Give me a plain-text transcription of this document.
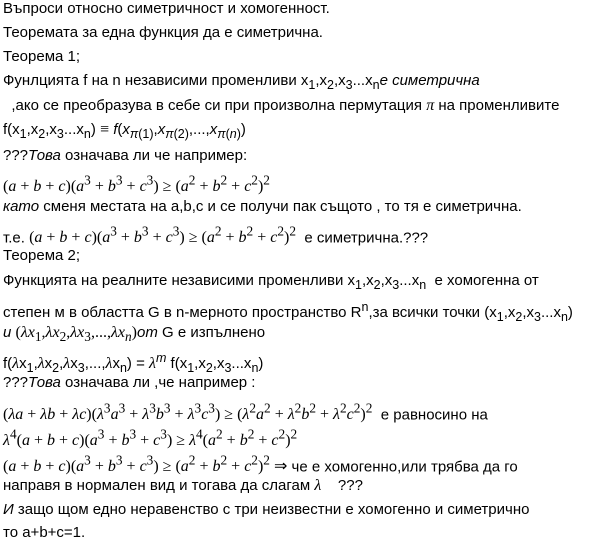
Въпроси относно симетричност и хомогенност.
Теоремата за една функция да е симетрична.
Теорема 1;
Фунлцията f на n независими променливи $x_1,x_2,x_3...x_nе$ симетрична
,ако се преобразува в себе си при произволна пермутация π на променливите
$f(x_1,x_2,x_3...x_n) \equiv f(x_{\pi(1)},x_{\pi(2)},...,x_{\pi(n)})$
???Това означава ли че например:
$(a + b + c)(a^3 + b^3 + c^3) \ge (a^2 + b^2 + c^2)^2$
като сменя местата на a,b,c и се получи пак същото , то тя е симетрична.
т.е. $(a + b + c)(a^3 + b^3 + c^3) \ge (a^2 + b^2 + c^2)^2$  е симетрична.???
Теорема 2;
Функцията на реалните независими променливи $x_1,x_2,x_3...x_n$  е хомогенна от
степен м в областта G в n-мерното пространство $R^n,за$ всички точки $(x_1,x_2,x_3...x_n)$
и $(\lambda x_1,\lambda x_2,\lambda x_3,...,\lambda x_n)от$ G е изпълнено
$f(\lambda x_1,\lambda x_2,\lambda x_3,...,\lambda x_n) = \lambda^m$ $f(x_1,x_2,x_3...x_n)$
???Това означава ли ,че например :
$(\lambda a + \lambda b + \lambda c)(\lambda^3a^3 + \lambda^3b^3 + \lambda^3c^3) \ge (\lambda^2a^2 + \lambda^2b^2 + \lambda^2c^2)^2$  е равносино на
$\lambda^4(a + b + c)(a^3 + b^3 + c^3) \ge \lambda^4(a^2 + b^2 + c^2)^2$
$(a + b + c)(a^3 + b^3 + c^3) \ge (a^2 + b^2 + c^2)^2$ ⇒ че е хомогенно,или трябва да го
направя в нормален вид и тогава да слагам λ    ???
И защо щом едно неравенство с три неизвестни е хомогенно и симетрично
то a+b+c=1.
